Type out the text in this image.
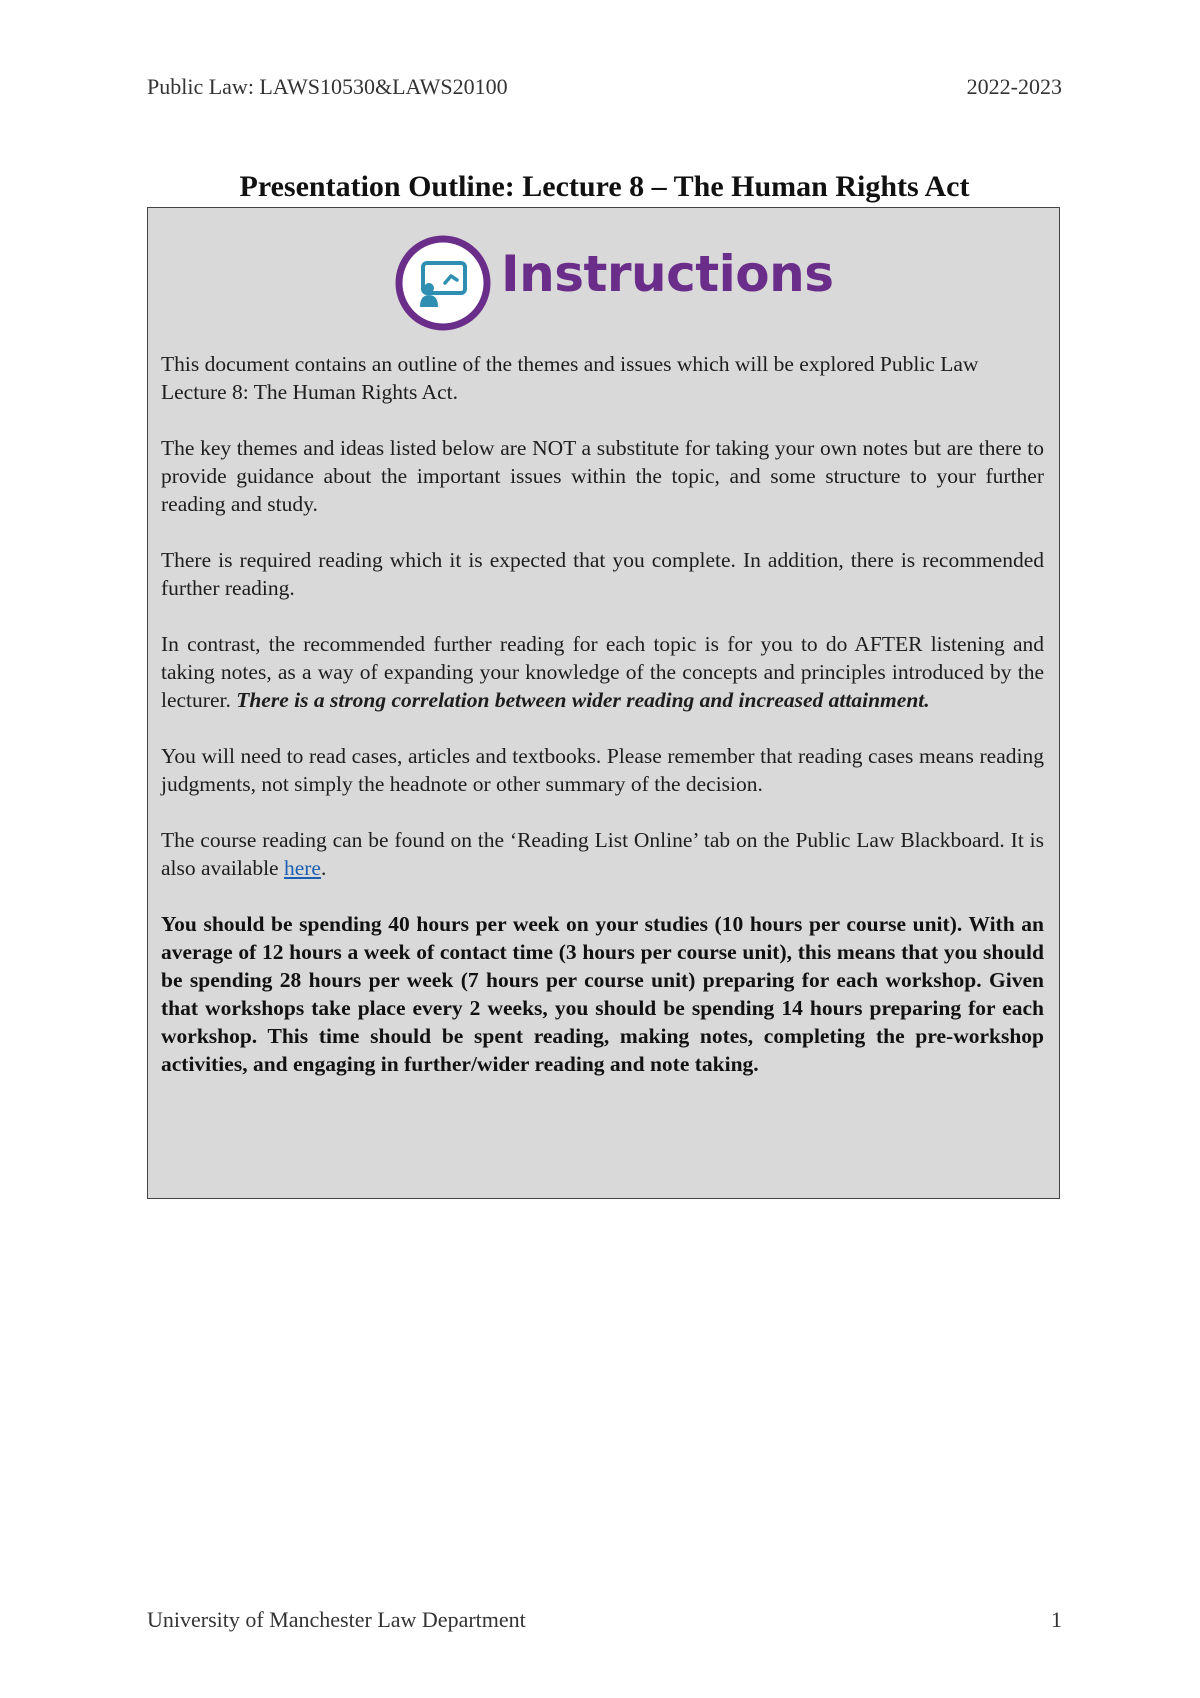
Public Law: LAWS10530&LAWS20100	2022-2023
Presentation Outline: Lecture 8 – The Human Rights Act
Instructions

This document contains an outline of the themes and issues which will be explored Public Law Lecture 8: The Human Rights Act.

The key themes and ideas listed below are NOT a substitute for taking your own notes but are there to provide guidance about the important issues within the topic, and some structure to your further reading and study.

There is required reading which it is expected that you complete. In addition, there is recommended further reading.

In contrast, the recommended further reading for each topic is for you to do AFTER listening and taking notes, as a way of expanding your knowledge of the concepts and principles introduced by the lecturer. There is a strong correlation between wider reading and increased attainment.

You will need to read cases, articles and textbooks. Please remember that reading cases means reading judgments, not simply the headnote or other summary of the decision.

The course reading can be found on the ‘Reading List Online’ tab on the Public Law Blackboard. It is also available here.

You should be spending 40 hours per week on your studies (10 hours per course unit). With an average of 12 hours a week of contact time (3 hours per course unit), this means that you should be spending 28 hours per week (7 hours per course unit) preparing for each workshop. Given that workshops take place every 2 weeks, you should be spending 14 hours preparing for each workshop. This time should be spent reading, making notes, completing the pre-workshop activities, and engaging in further/wider reading and note taking.

University of Manchester Law Department	1
